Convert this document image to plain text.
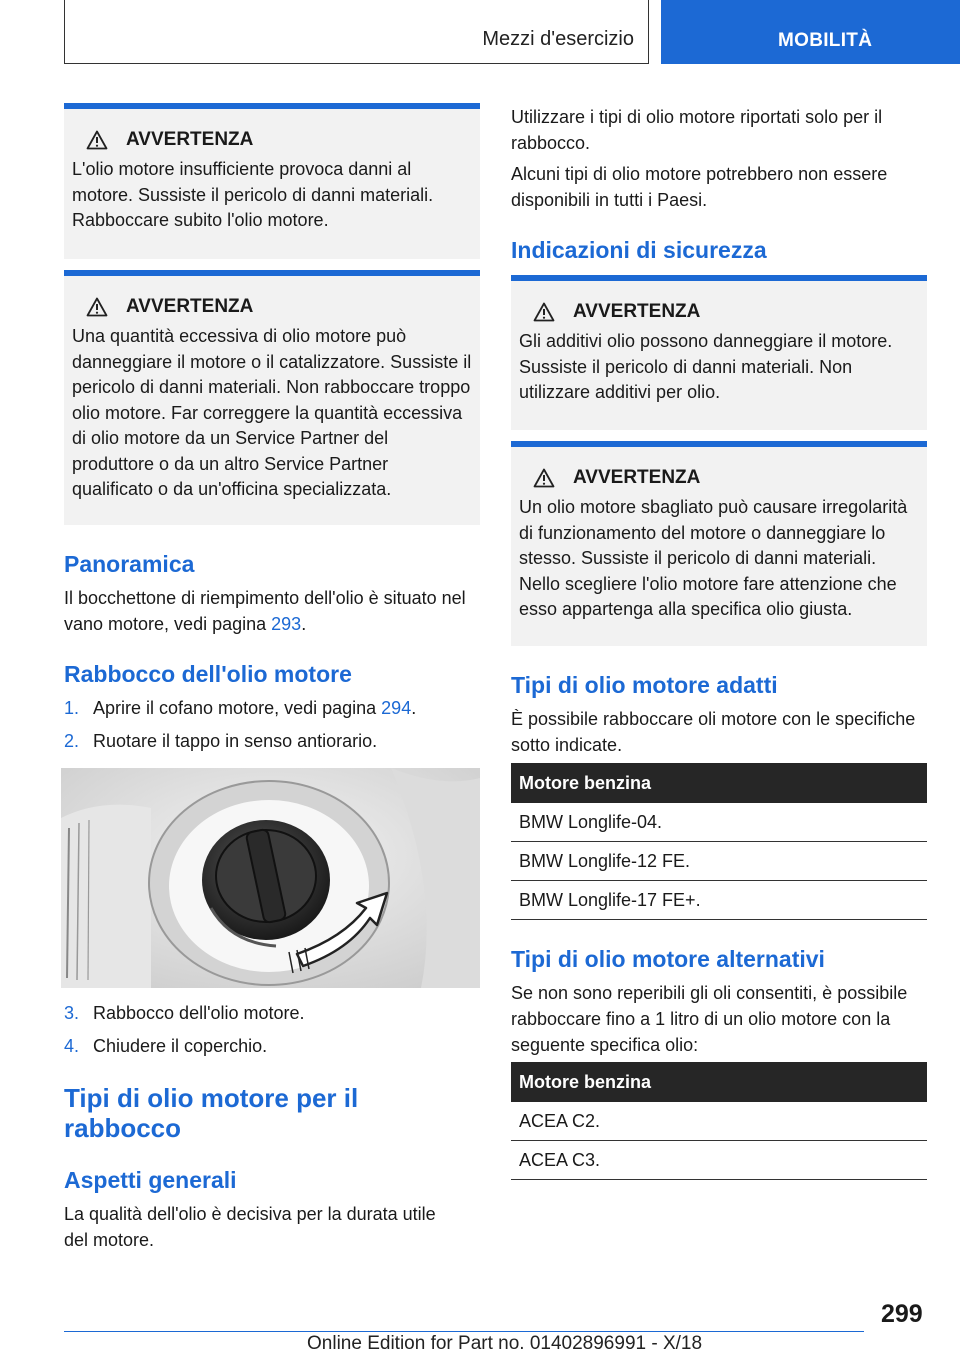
Mezzi d'esercizio	MOBILITÀ
AVVERTENZA
L'olio motore insufficiente provoca danni al motore. Sussiste il pericolo di danni materiali. Rabboccare subito l'olio motore.
AVVERTENZA
Una quantità eccessiva di olio motore può danneggiare il motore o il catalizzatore. Sussiste il pericolo di danni materiali. Non rabboccare troppo olio motore. Far correggere la quantità eccessiva di olio motore da un Service Partner del produttore o da un altro Service Partner qualificato o da un'officina specializzata.
Panoramica
Il bocchettone di riempimento dell'olio è situato nel vano motore, vedi pagina 293.
Rabbocco dell'olio motore
1. Aprire il cofano motore, vedi pagina 294.
2. Ruotare il tappo in senso antiorario.
3. Rabbocco dell'olio motore.
4. Chiudere il coperchio.
Tipi di olio motore per il
rabbocco
Aspetti generali
La qualità dell'olio è decisiva per la durata utile
del motore.
Utilizzare i tipi di olio motore riportati solo per il rabbocco.
Alcuni tipi di olio motore potrebbero non essere disponibili in tutti i Paesi.
Indicazioni di sicurezza
AVVERTENZA
Gli additivi olio possono danneggiare il motore. Sussiste il pericolo di danni materiali. Non utilizzare additivi per olio.
AVVERTENZA
Un olio motore sbagliato può causare irregolarità di funzionamento del motore o danneggiare lo stesso. Sussiste il pericolo di danni materiali. Nello scegliere l'olio motore fare attenzione che esso appartenga alla specifica olio giusta.
Tipi di olio motore adatti
È possibile rabboccare oli motore con le specifiche sotto indicate.
Motore benzina
BMW Longlife-04.
BMW Longlife-12 FE.
BMW Longlife-17 FE+.
Tipi di olio motore alternativi
Se non sono reperibili gli oli consentiti, è possibile rabboccare fino a 1 litro di un olio motore con la seguente specifica olio:
Motore benzina
ACEA C2.
ACEA C3.
299
Online Edition for Part no. 01402896991 - X/18
